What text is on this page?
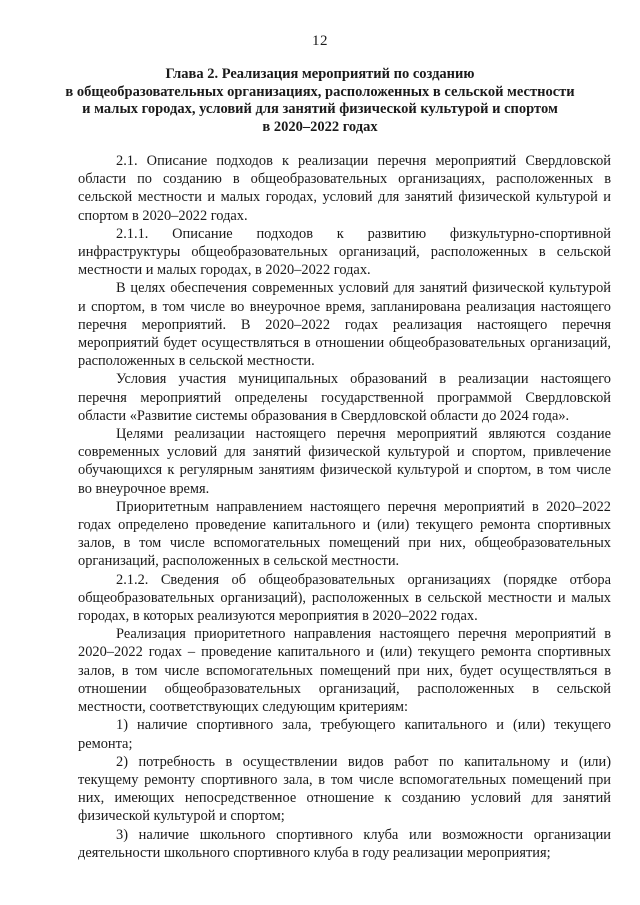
12
Глава 2. Реализация мероприятий по созданию
в общеобразовательных организациях, расположенных в сельской местности
и малых городах, условий для занятий физической культурой и спортом
в 2020–2022 годах

2.1. Описание подходов к реализации перечня мероприятий Свердловской области по созданию в общеобразовательных организациях, расположенных в сельской местности и малых городах, условий для занятий физической культурой и спортом в 2020–2022 годах.

2.1.1. Описание подходов к развитию физкультурно-спортивной инфраструктуры общеобразовательных организаций, расположенных в сельской местности и малых городах, в 2020–2022 годах.

В целях обеспечения современных условий для занятий физической культурой и спортом, в том числе во внеурочное время, запланирована реализация настоящего перечня мероприятий. В 2020–2022 годах реализация настоящего перечня мероприятий будет осуществляться в отношении общеобразовательных организаций, расположенных в сельской местности.

Условия участия муниципальных образований в реализации настоящего перечня мероприятий определены государственной программой Свердловской области «Развитие системы образования в Свердловской области до 2024 года».

Целями реализации настоящего перечня мероприятий являются создание современных условий для занятий физической культурой и спортом, привлечение обучающихся к регулярным занятиям физической культурой и спортом, в том числе во внеурочное время.

Приоритетным направлением настоящего перечня мероприятий в 2020–2022 годах определено проведение капитального и (или) текущего ремонта спортивных залов, в том числе вспомогательных помещений при них, общеобразовательных организаций, расположенных в сельской местности.

2.1.2. Сведения об общеобразовательных организациях (порядке отбора общеобразовательных организаций), расположенных в сельской местности и малых городах, в которых реализуются мероприятия в 2020–2022 годах.

Реализация приоритетного направления настоящего перечня мероприятий в 2020–2022 годах – проведение капитального и (или) текущего ремонта спортивных залов, в том числе вспомогательных помещений при них, будет осуществляться в отношении общеобразовательных организаций, расположенных в сельской местности, соответствующих следующим критериям:

1) наличие спортивного зала, требующего капитального и (или) текущего ремонта;

2) потребность в осуществлении видов работ по капитальному и (или) текущему ремонту спортивного зала, в том числе вспомогательных помещений при них, имеющих непосредственное отношение к созданию условий для занятий физической культурой и спортом;

3) наличие школьного спортивного клуба или возможности организации деятельности школьного спортивного клуба в году реализации мероприятия;
